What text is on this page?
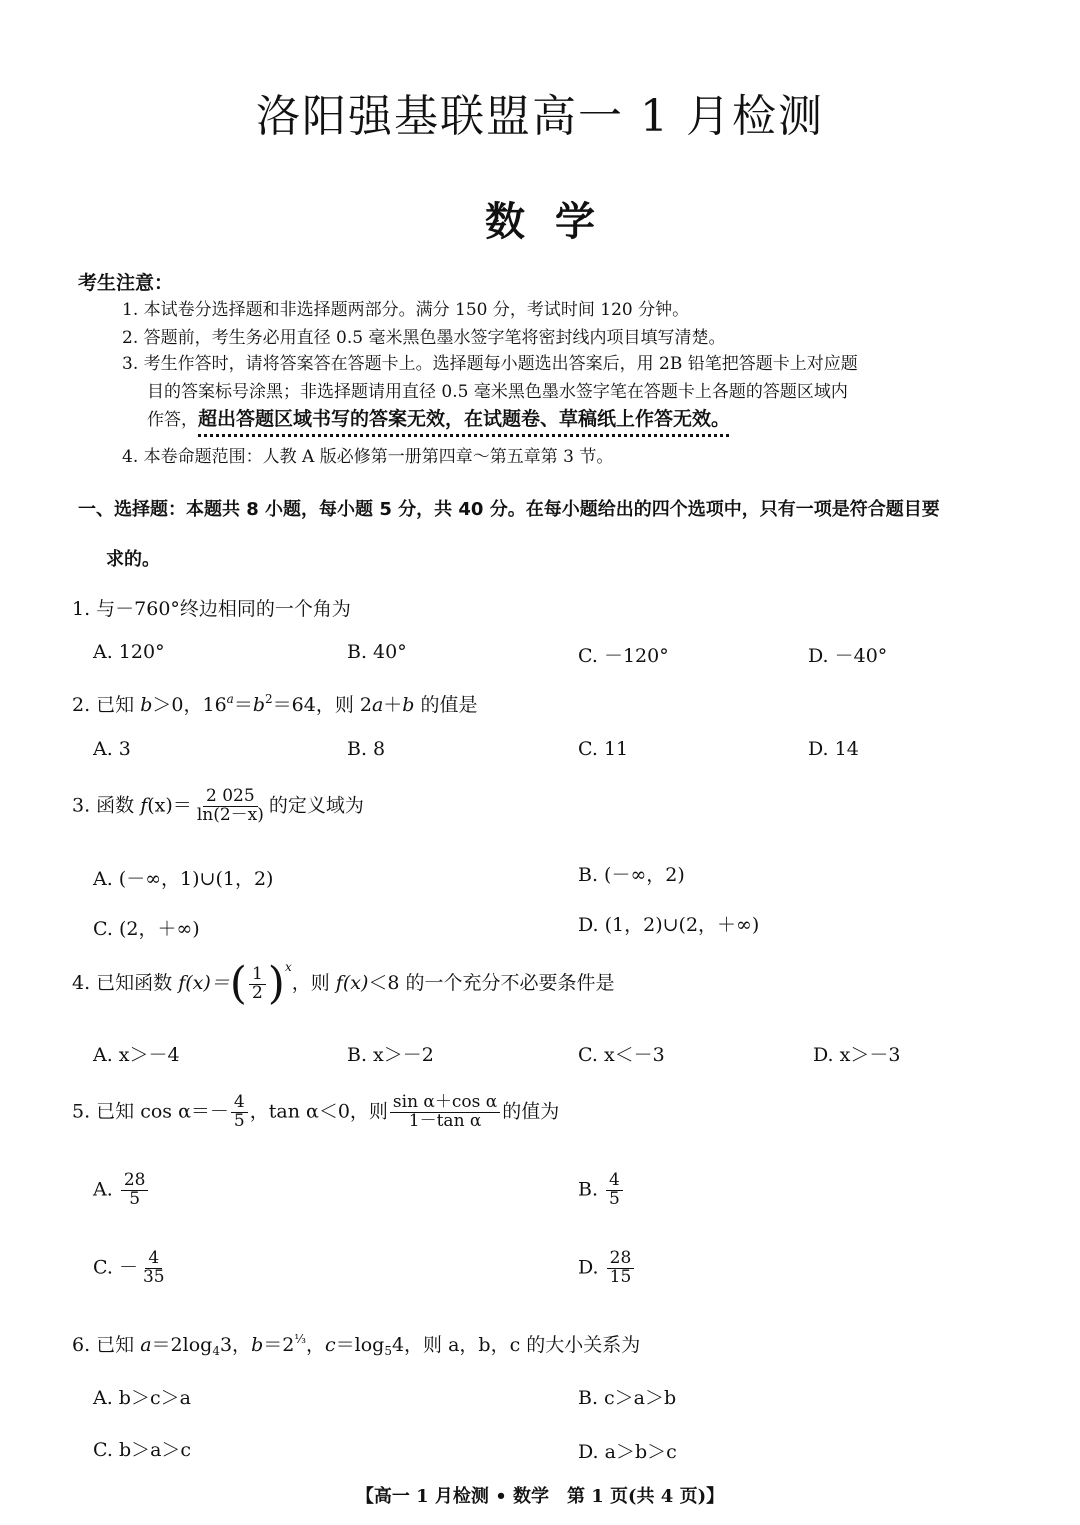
洛阳强基联盟高一 1 月检测
数学
考生注意：
1. 本试卷分选择题和非选择题两部分。满分 150 分，考试时间 120 分钟。
2. 答题前，考生务必用直径 0.5 毫米黑色墨水签字笔将密封线内项目填写清楚。
3. 考生作答时，请将答案答在答题卡上。选择题每小题选出答案后，用 2B 铅笔把答题卡上对应题
目的答案标号涂黑；非选择题请用直径 0.5 毫米黑色墨水签字笔在答题卡上各题的答题区域内
作答，超出答题区域书写的答案无效，在试题卷、草稿纸上作答无效。
4. 本卷命题范围：人教 A 版必修第一册第四章～第五章第 3 节。
一、选择题：本题共 8 小题，每小题 5 分，共 40 分。在每小题给出的四个选项中，只有一项是符合题目要
求的。
1. 与－760°终边相同的一个角为
A. 120°	B. 40°	C. －120°	D. －40°
2. 已知 b＞0，$16^a=b^2=64$，则 2a＋b 的值是
A. 3	B. 8	C. 11	D. 14
3. 函数 $f(x)= \frac{2 025}{\ln(2-x)}$ 的定义域为
A. (－∞，1)∪(1，2)	B. (－∞，2)
C. (2，＋∞)	D. (1，2)∪(2，＋∞)
4. 已知函数 $f(x)=( \frac{1}{2} )^x$，则 f(x)＜8 的一个充分不必要条件是
A. x＞－4	B. x＞－2	C. x＜－3	D. x＞－3
5. 已知 $\cos \alpha=- \frac{4}{5}$ ，tan α＜0，则 $\frac{\text{sin α＋cos α}}{\text{1－tan α}}$ 的值为
A. $\frac{28}{5}$	B. $\frac{4}{5}$
C. － $\frac{4}{35}$	D. $\frac{28}{15}$
6. 已知 $a=2\log_43$，$b=2^{\frac{1}{3}}$，$c=\log_54$，则 a，b，c 的大小关系为
A. b＞c＞a	B. c＞a＞b
C. b＞a＞c	D. a＞b＞c
【高一 1 月检测 • 数学　第 1 页(共 4 页)】
